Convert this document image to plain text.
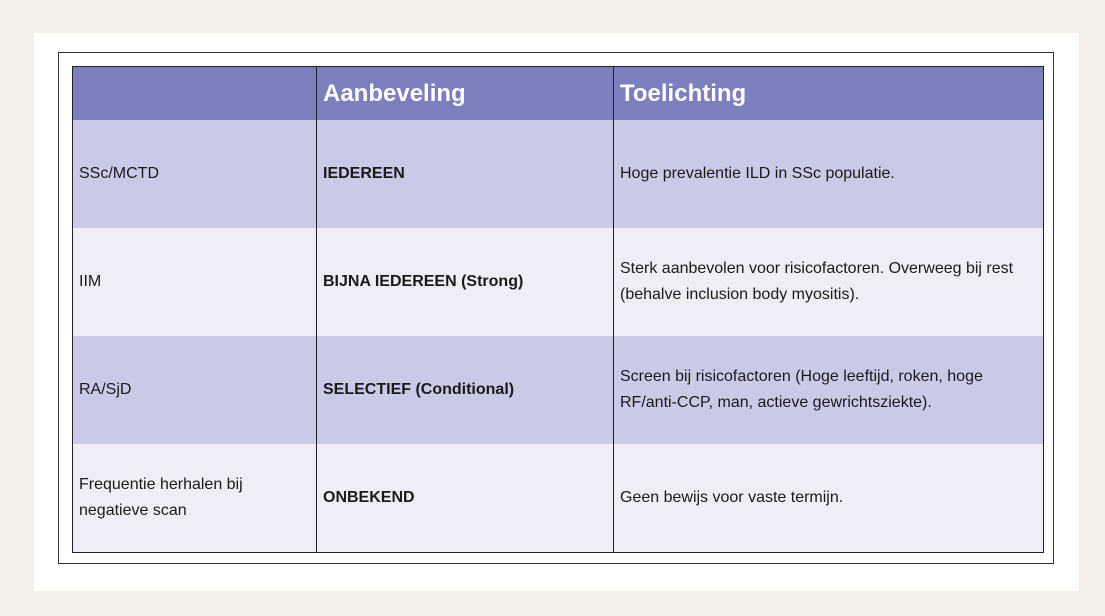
	Aanbeveling	Toelichting
SSc/MCTD	IEDEREEN	Hoge prevalentie ILD in SSc populatie.
IIM	BIJNA IEDEREEN (Strong)	Sterk aanbevolen voor risicofactoren. Overweeg bij rest (behalve inclusion body myositis).
RA/SjD	SELECTIEF (Conditional)	Screen bij risicofactoren (Hoge leeftijd, roken, hoge RF/anti-CCP, man, actieve gewrichtsziekte).
Frequentie herhalen bij negatieve scan	ONBEKEND	Geen bewijs voor vaste termijn.
